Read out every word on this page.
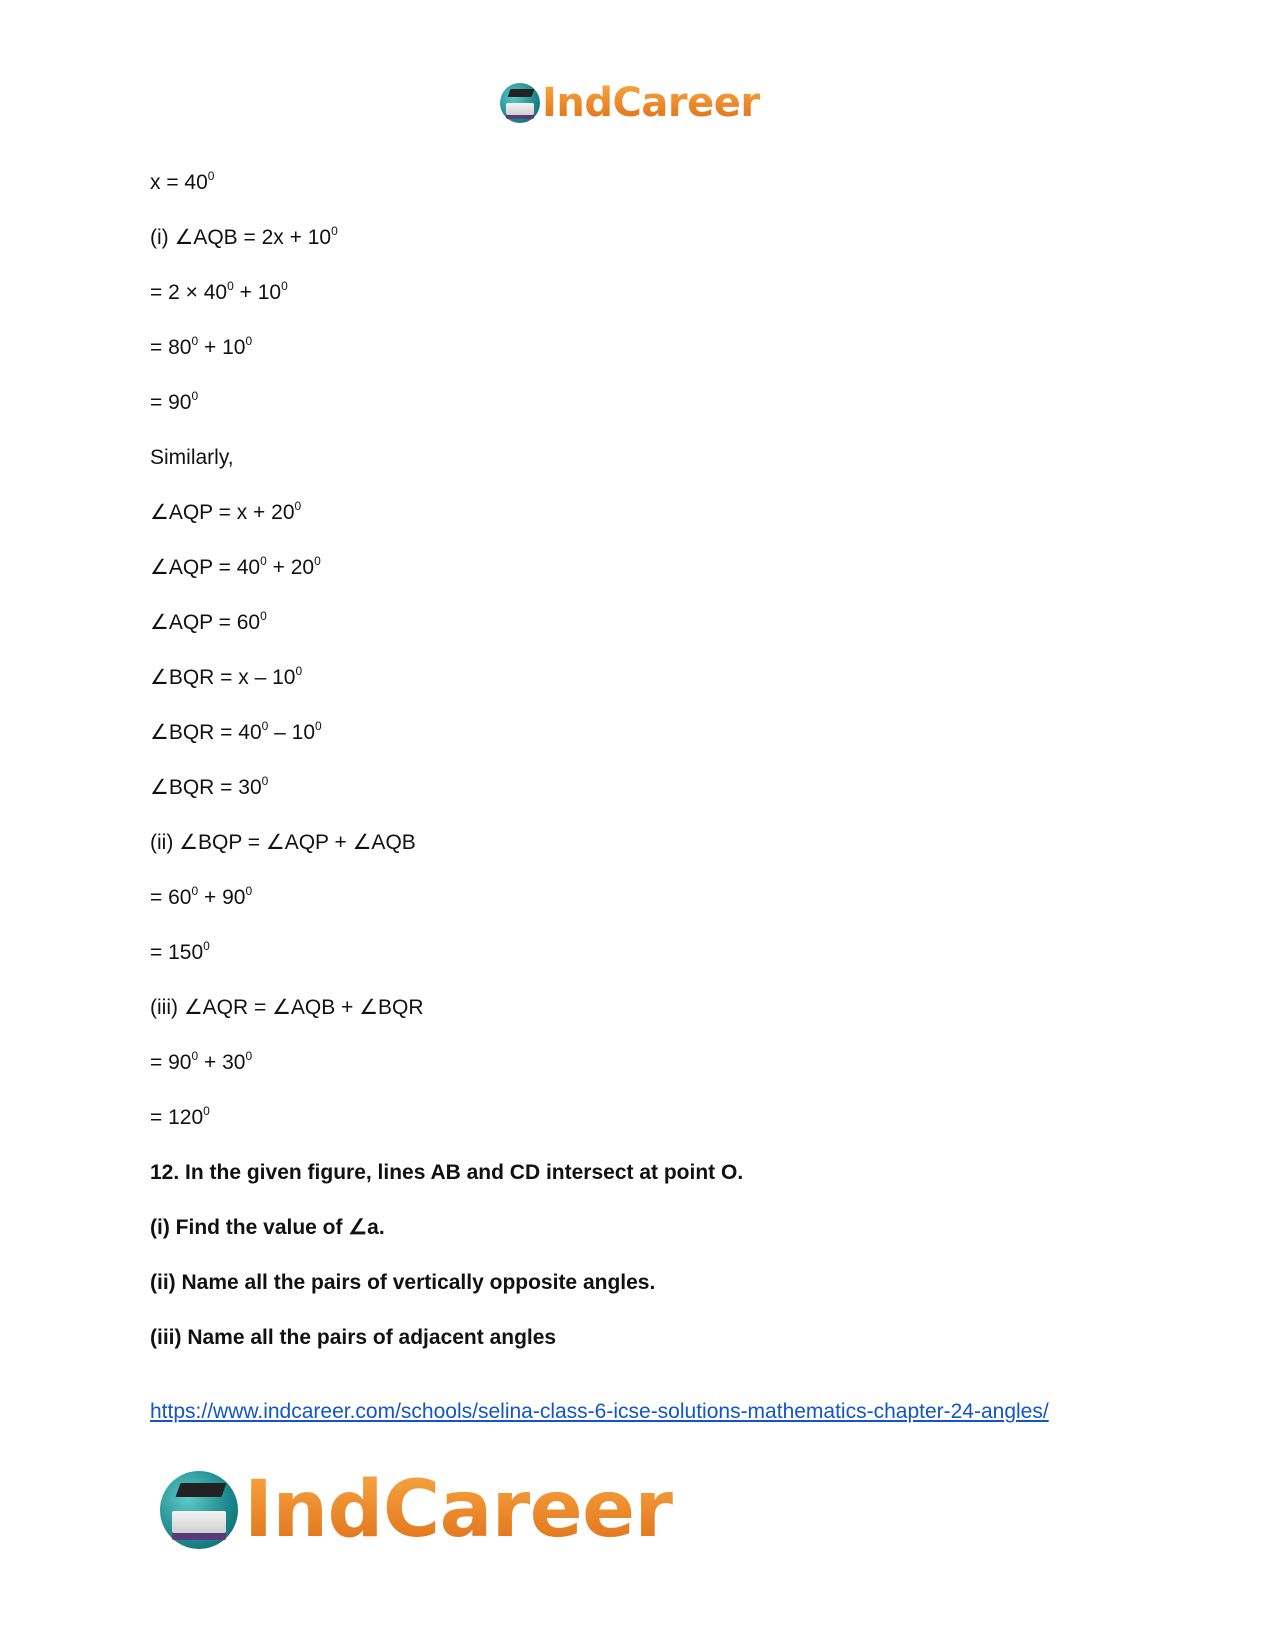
IndCareer
$x = 40^0$
(i) ∠AQB = $2x + 10^0$
= $2 \times 40^0 + 10^0$
= $80^0 + 10^0$
= $90^0$
Similarly,
∠AQP = $x + 20^0$
∠AQP = $40^0 + 20^0$
∠AQP = $60^0$
∠BQR = x – $10^0$
∠BQR = $40^0 - 10^0$
∠BQR = $30^0$
(ii) ∠BQP = ∠AQP + ∠AQB
= $60^0 + 90^0$
= $150^0$
(iii) ∠AQR = ∠AQB + ∠BQR
= $90^0 + 30^0$
= $120^0$
12. In the given figure, lines AB and CD intersect at point O.
(i) Find the value of ∠a.
(ii) Name all the pairs of vertically opposite angles.
(iii) Name all the pairs of adjacent angles
https://www.indcareer.com/schools/selina-class-6-icse-solutions-mathematics-chapter-24-angles/
IndCareer
